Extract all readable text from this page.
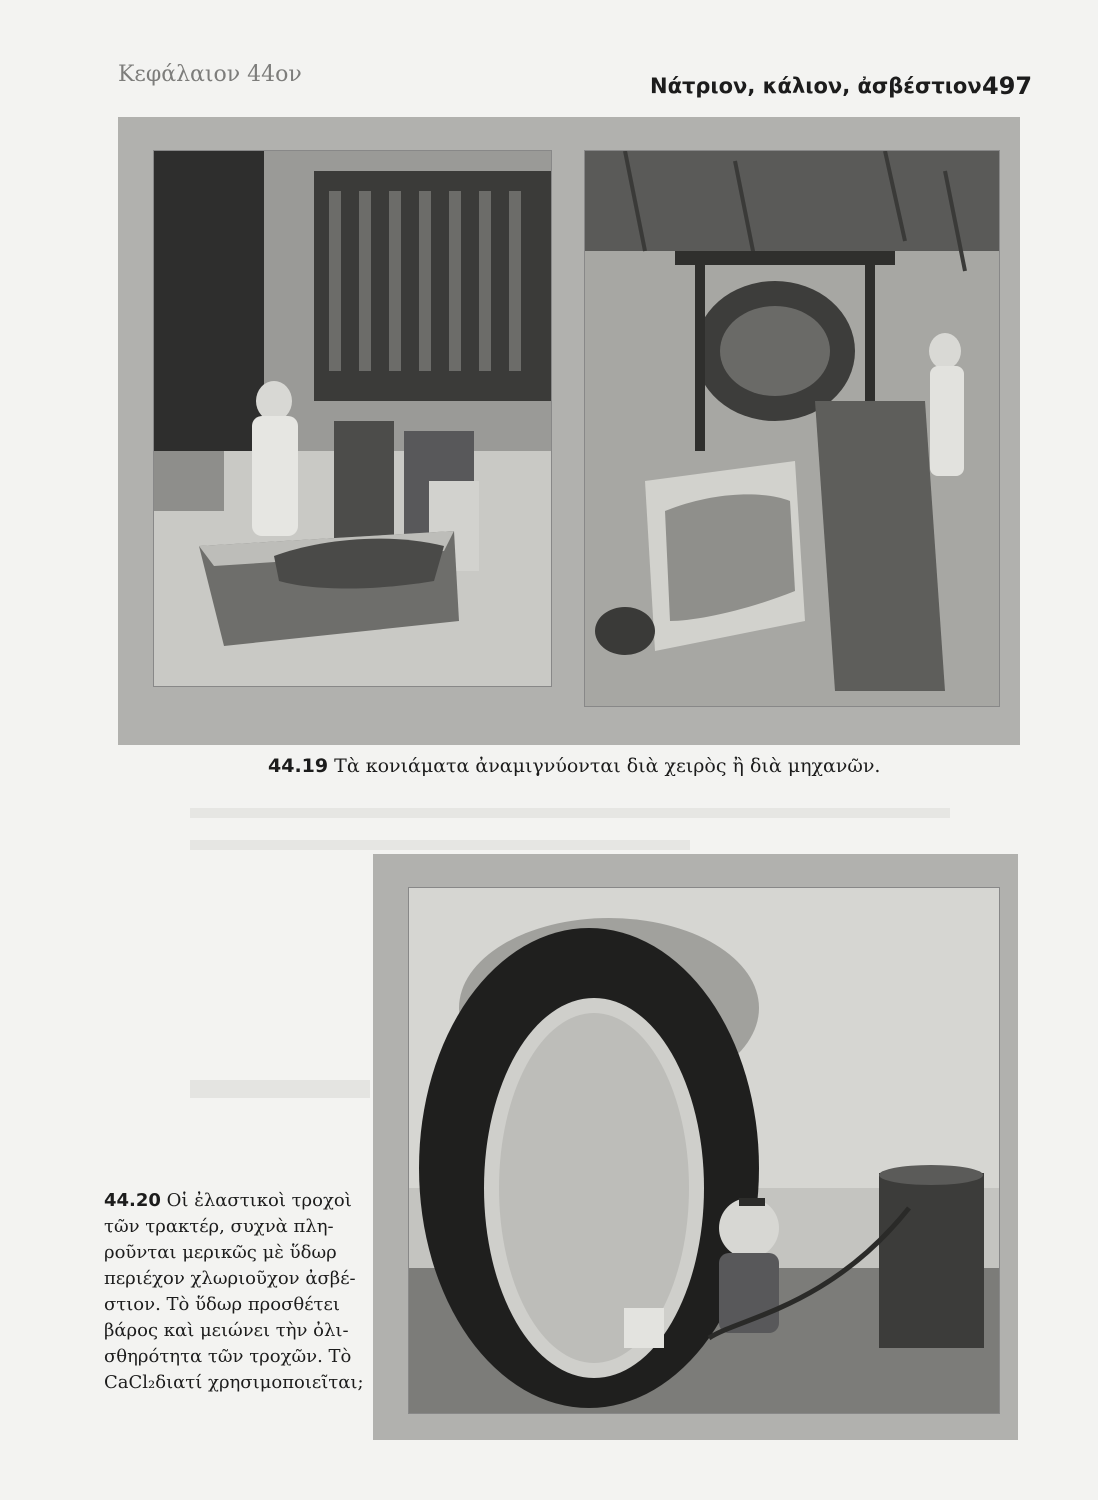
Κεφάλαιον 44ον	Νάτριον, κάλιον, ἀσβέστιον 497
44.19 Τὰ κονιάματα ἀναμιγνύονται διὰ χειρὸς ἢ διὰ μηχανῶν.
44.20 Οἱ ἐλαστικοὶ τροχοὶ
τῶν τρακτέρ, συχνὰ πλη-
ροῦνται μερικῶς μὲ ὕδωρ
περιέχον χλωριοῦχον ἀσβέ-
στιον. Τὸ ὕδωρ προσθέτει
βάρος καὶ μειώνει τὴν ὀλι-
σθηρότητα τῶν τροχῶν. Τὸ
CaCl₂διατί χρησιμοποιεῖται;
